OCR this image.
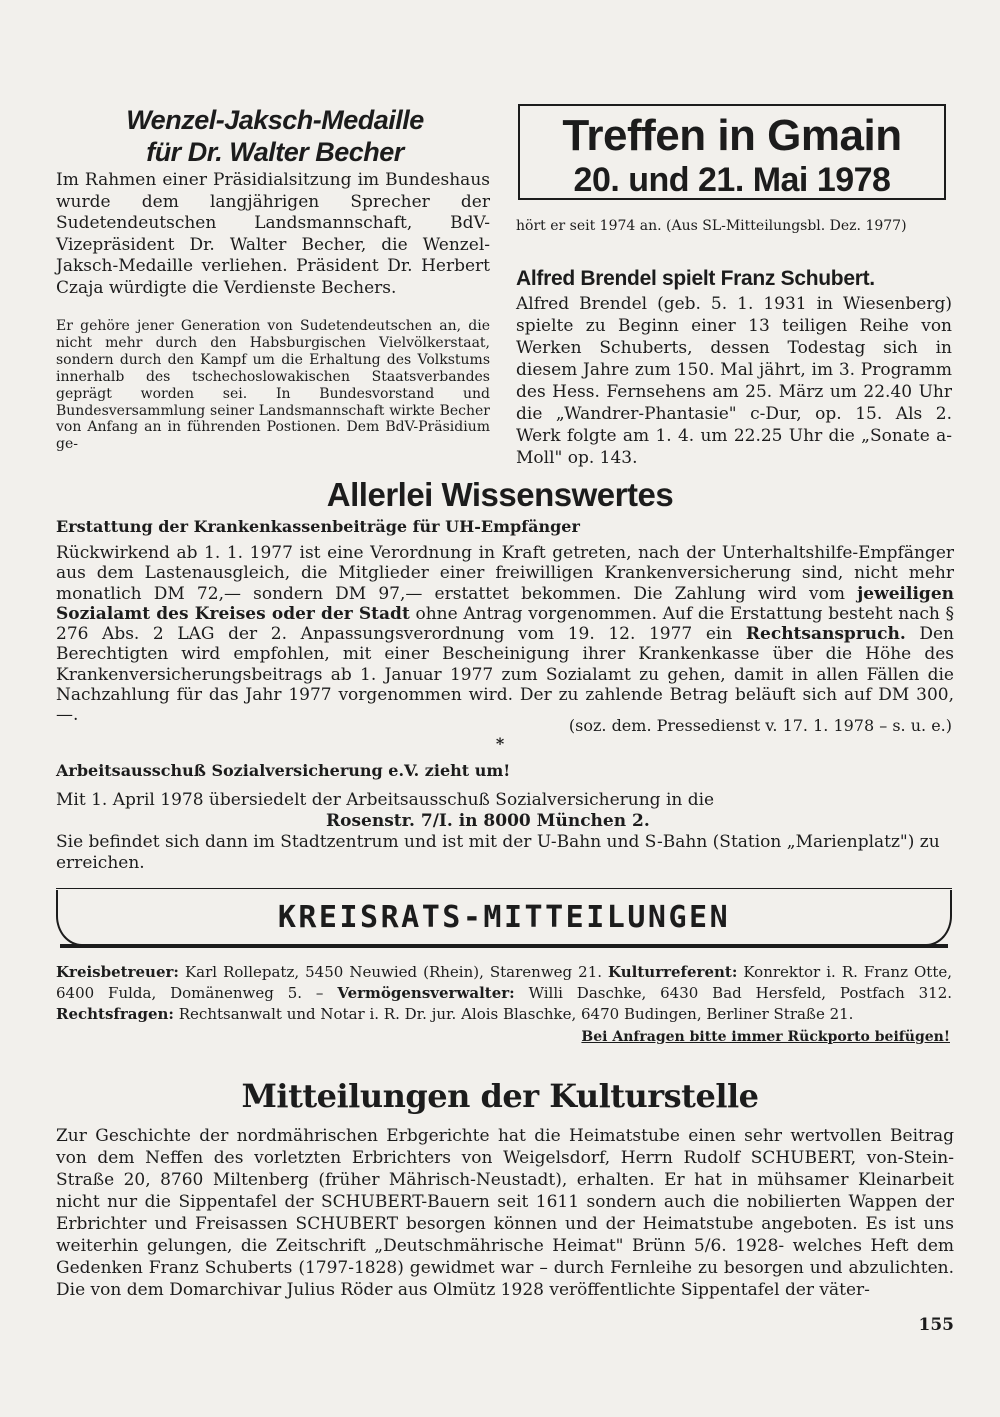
Wenzel-Jaksch-Medaille
für Dr. Walter Becher

Im Rahmen einer Präsidialsitzung im Bundeshaus wurde dem langjährigen Sprecher der Sudetendeutschen Landsmannschaft, BdV-Vizepräsident Dr. Walter Becher, die Wenzel-Jaksch-Medaille verliehen. Präsident Dr. Herbert Czaja würdigte die Verdienste Bechers.

Er gehöre jener Generation von Sudetendeutschen an, die nicht mehr durch den Habsburgischen Vielvölkerstaat, sondern durch den Kampf um die Erhaltung des Volkstums innerhalb des tschechoslowakischen Staatsverbandes geprägt worden sei. In Bundesvorstand und Bundesversammlung seiner Landsmannschaft wirkte Becher von Anfang an in führenden Postionen. Dem BdV-Präsidium ge-

Treffen in Gmain
20. und 21. Mai 1978

hört er seit 1974 an. (Aus SL-Mitteilungsbl. Dez. 1977)

Alfred Brendel spielt Franz Schubert.

Alfred Brendel (geb. 5. 1. 1931 in Wiesenberg) spielte zu Beginn einer 13 teiligen Reihe von Werken Schuberts, dessen Todestag sich in diesem Jahre zum 150. Mal jährt, im 3. Programm des Hess. Fernsehens am 25. März um 22.40 Uhr die „Wandrer-Phantasie" c-Dur, op. 15. Als 2. Werk folgte am 1. 4. um 22.25 Uhr die „Sonate a-Moll" op. 143.

Allerlei Wissenswertes
Erstattung der Krankenkassenbeiträge für UH-Empfänger

Rückwirkend ab 1. 1. 1977 ist eine Verordnung in Kraft getreten, nach der Unterhaltshilfe-Empfänger aus dem Lastenausgleich, die Mitglieder einer freiwilligen Krankenversicherung sind, nicht mehr monatlich DM 72,— sondern DM 97,— erstattet bekommen. Die Zahlung wird vom jeweiligen Sozialamt des Kreises oder der Stadt ohne Antrag vorgenommen. Auf die Erstattung besteht nach § 276 Abs. 2 LAG der 2. Anpassungsverordnung vom 19. 12. 1977 ein Rechtsanspruch. Den Berechtigten wird empfohlen, mit einer Bescheinigung ihrer Krankenkasse über die Höhe des Krankenversicherungsbeitrags ab 1. Januar 1977 zum Sozialamt zu gehen, damit in allen Fällen die Nachzahlung für das Jahr 1977 vorgenommen wird. Der zu zahlende Betrag beläuft sich auf DM 300,—.

(soz. dem. Pressedienst v. 17. 1. 1978 – s. u. e.)
*
Arbeitsausschuß Sozialversicherung e.V. zieht um!
Mit 1. April 1978 übersiedelt der Arbeitsausschuß Sozialversicherung in die
Rosenstr. 7/I. in 8000 München 2.
Sie befindet sich dann im Stadtzentrum und ist mit der U-Bahn und S-Bahn (Station „Marienplatz") zu erreichen.
KREISRATS-MITTEILUNGEN

Kreisbetreuer: Karl Rollepatz, 5450 Neuwied (Rhein), Starenweg 21. Kulturreferent: Konrektor i. R. Franz Otte, 6400 Fulda, Domänenweg 5. – Vermögensverwalter: Willi Daschke, 6430 Bad Hersfeld, Postfach 312. Rechtsfragen: Rechtsanwalt und Notar i. R. Dr. jur. Alois Blaschke, 6470 Budingen, Berliner Straße 21.

Bei Anfragen bitte immer Rückporto beifügen!
Mitteilungen der Kulturstelle

Zur Geschichte der nordmährischen Erbgerichte hat die Heimatstube einen sehr wertvollen Beitrag von dem Neffen des vorletzten Erbrichters von Weigelsdorf, Herrn Rudolf SCHUBERT, von-Stein-Straße 20, 8760 Miltenberg (früher Mährisch-Neustadt), erhalten. Er hat in mühsamer Kleinarbeit nicht nur die Sippentafel der SCHUBERT-Bauern seit 1611 sondern auch die nobilierten Wappen der Erbrichter und Freisassen SCHUBERT besorgen können und der Heimatstube angeboten. Es ist uns weiterhin gelungen, die Zeitschrift „Deutschmährische Heimat" Brünn 5/6. 1928- welches Heft dem Gedenken Franz Schuberts (1797-1828) gewidmet war – durch Fernleihe zu besorgen und abzulichten. Die von dem Domarchivar Julius Röder aus Olmütz 1928 veröffentlichte Sippentafel der väter-

155
